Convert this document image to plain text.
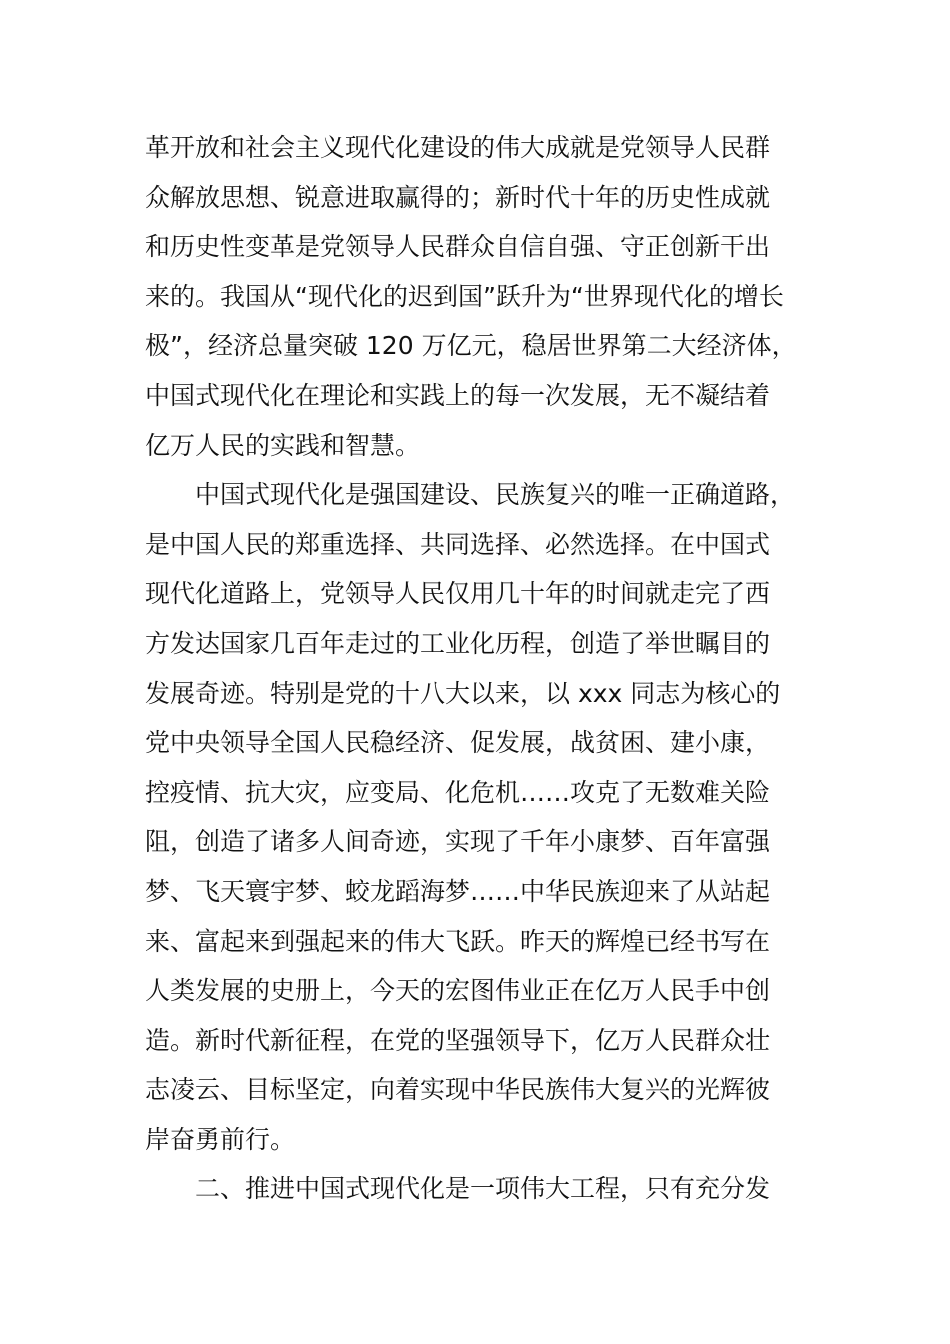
革开放和社会主义现代化建设的伟大成就是党领导人民群
众解放思想、锐意进取赢得的；新时代十年的历史性成就
和历史性变革是党领导人民群众自信自强、守正创新干出
来的。我国从“现代化的迟到国”跃升为“世界现代化的增长
极”，经济总量突破 120 万亿元，稳居世界第二大经济体，
中国式现代化在理论和实践上的每一次发展，无不凝结着
亿万人民的实践和智慧。
中国式现代化是强国建设、民族复兴的唯一正确道路，
是中国人民的郑重选择、共同选择、必然选择。在中国式
现代化道路上，党领导人民仅用几十年的时间就走完了西
方发达国家几百年走过的工业化历程，创造了举世瞩目的
发展奇迹。特别是党的十八大以来，以 xxx 同志为核心的
党中央领导全国人民稳经济、促发展，战贫困、建小康，
控疫情、抗大灾，应变局、化危机……攻克了无数难关险
阻，创造了诸多人间奇迹，实现了千年小康梦、百年富强
梦、飞天寰宇梦、蛟龙蹈海梦……中华民族迎来了从站起
来、富起来到强起来的伟大飞跃。昨天的辉煌已经书写在
人类发展的史册上，今天的宏图伟业正在亿万人民手中创
造。新时代新征程，在党的坚强领导下，亿万人民群众壮
志凌云、目标坚定，向着实现中华民族伟大复兴的光辉彼
岸奋勇前行。
二、推进中国式现代化是一项伟大工程，只有充分发
